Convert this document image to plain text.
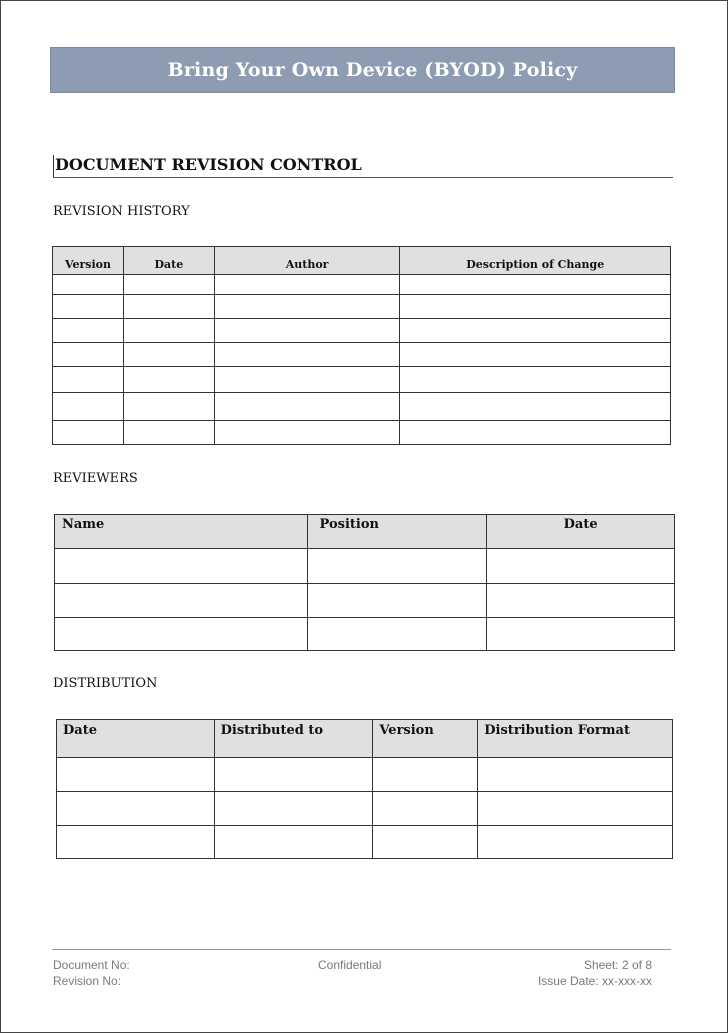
Bring Your Own Device (BYOD) Policy
DOCUMENT REVISION CONTROL
REVISION HISTORY
Version	Date	Author	Description of Change

REVIEWERS
Name	Position	Date

DISTRIBUTION
Date	Distributed to	Version	Distribution Format

Document No:
Revision No:
Confidential	Sheet: 2 of 8
Issue Date: xx-xxx-xx
